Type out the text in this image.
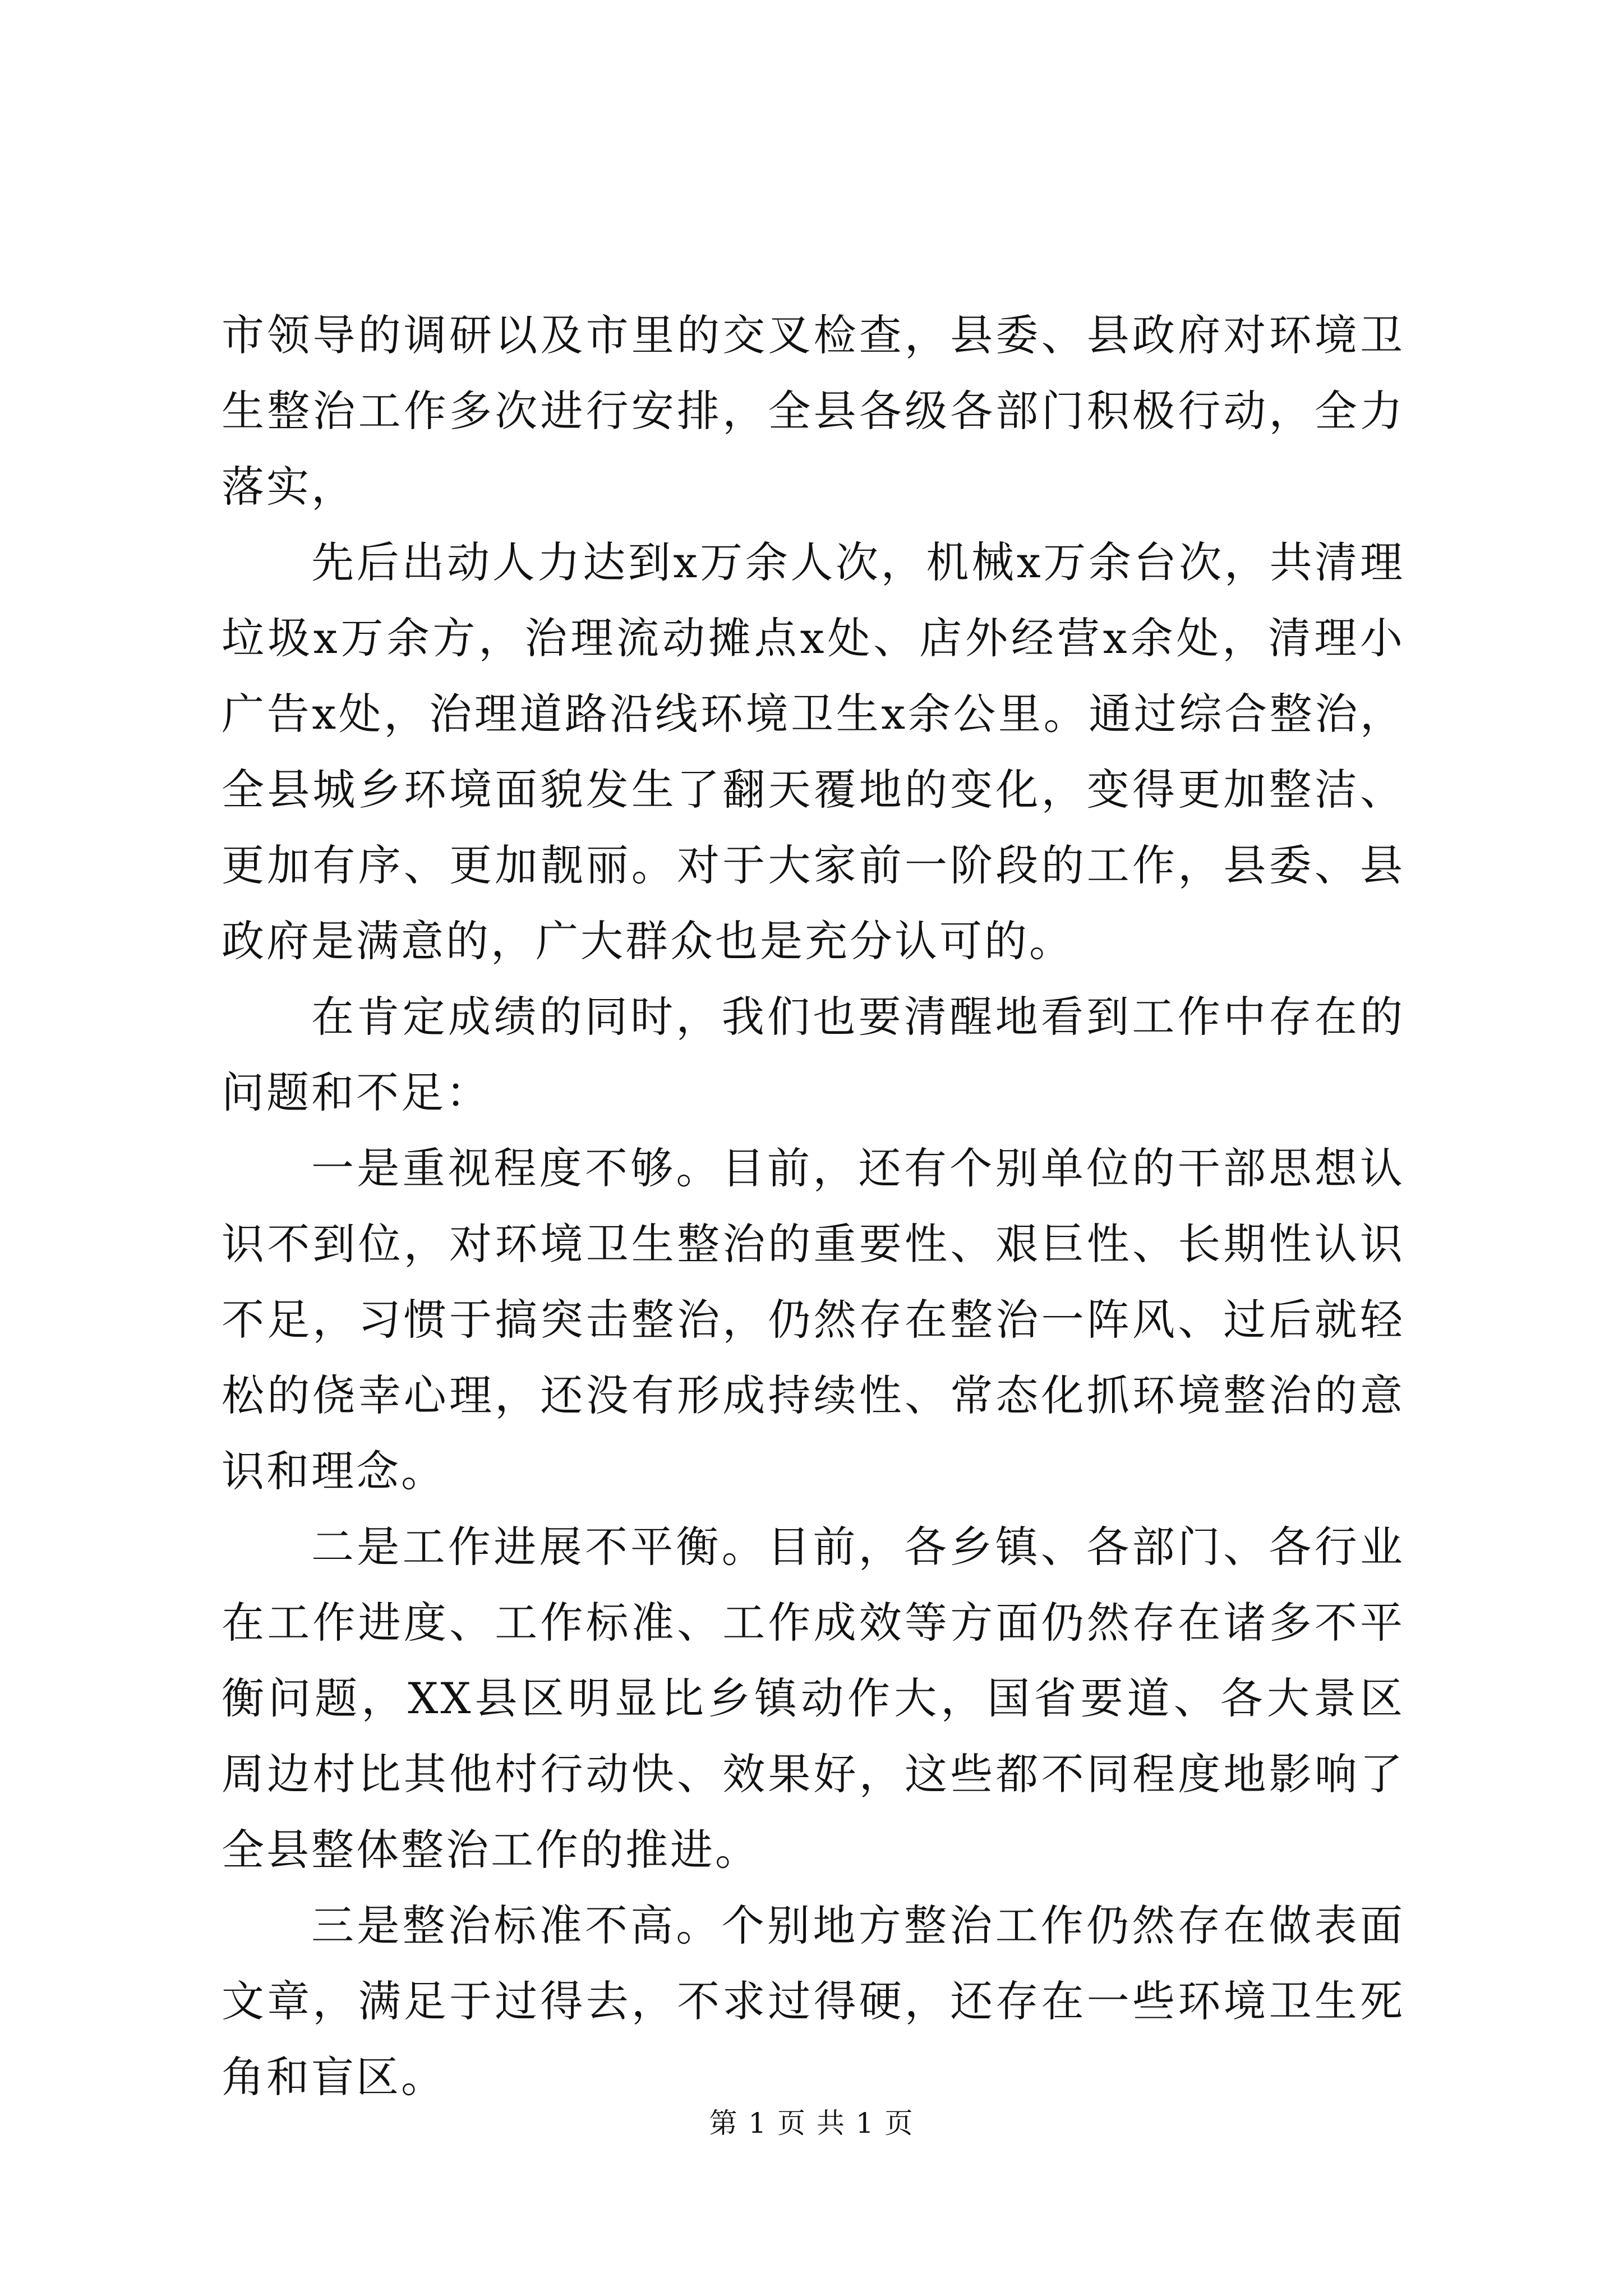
市领导的调研以及市里的交叉检查，县委、县政府对环境卫生整治工作多次进行安排，全县各级各部门积极行动，全力落实，

先后出动人力达到x万余人次，机械x万余台次，共清理垃圾x万余方，治理流动摊点x处、店外经营x余处，清理小广告x处，治理道路沿线环境卫生x余公里。通过综合整治，全县城乡环境面貌发生了翻天覆地的变化，变得更加整洁、更加有序、更加靓丽。对于大家前一阶段的工作，县委、县政府是满意的，广大群众也是充分认可的。

在肯定成绩的同时，我们也要清醒地看到工作中存在的问题和不足：

一是重视程度不够。目前，还有个别单位的干部思想认识不到位，对环境卫生整治的重要性、艰巨性、长期性认识不足，习惯于搞突击整治，仍然存在整治一阵风、过后就轻松的侥幸心理，还没有形成持续性、常态化抓环境整治的意识和理念。

二是工作进展不平衡。目前，各乡镇、各部门、各行业在工作进度、工作标准、工作成效等方面仍然存在诸多不平衡问题，XX县区明显比乡镇动作大，国省要道、各大景区周边村比其他村行动快、效果好，这些都不同程度地影响了全县整体整治工作的推进。

三是整治标准不高。个别地方整治工作仍然存在做表面文章，满足于过得去，不求过得硬，还存在一些环境卫生死角和盲区。

第 1 页 共 1 页
